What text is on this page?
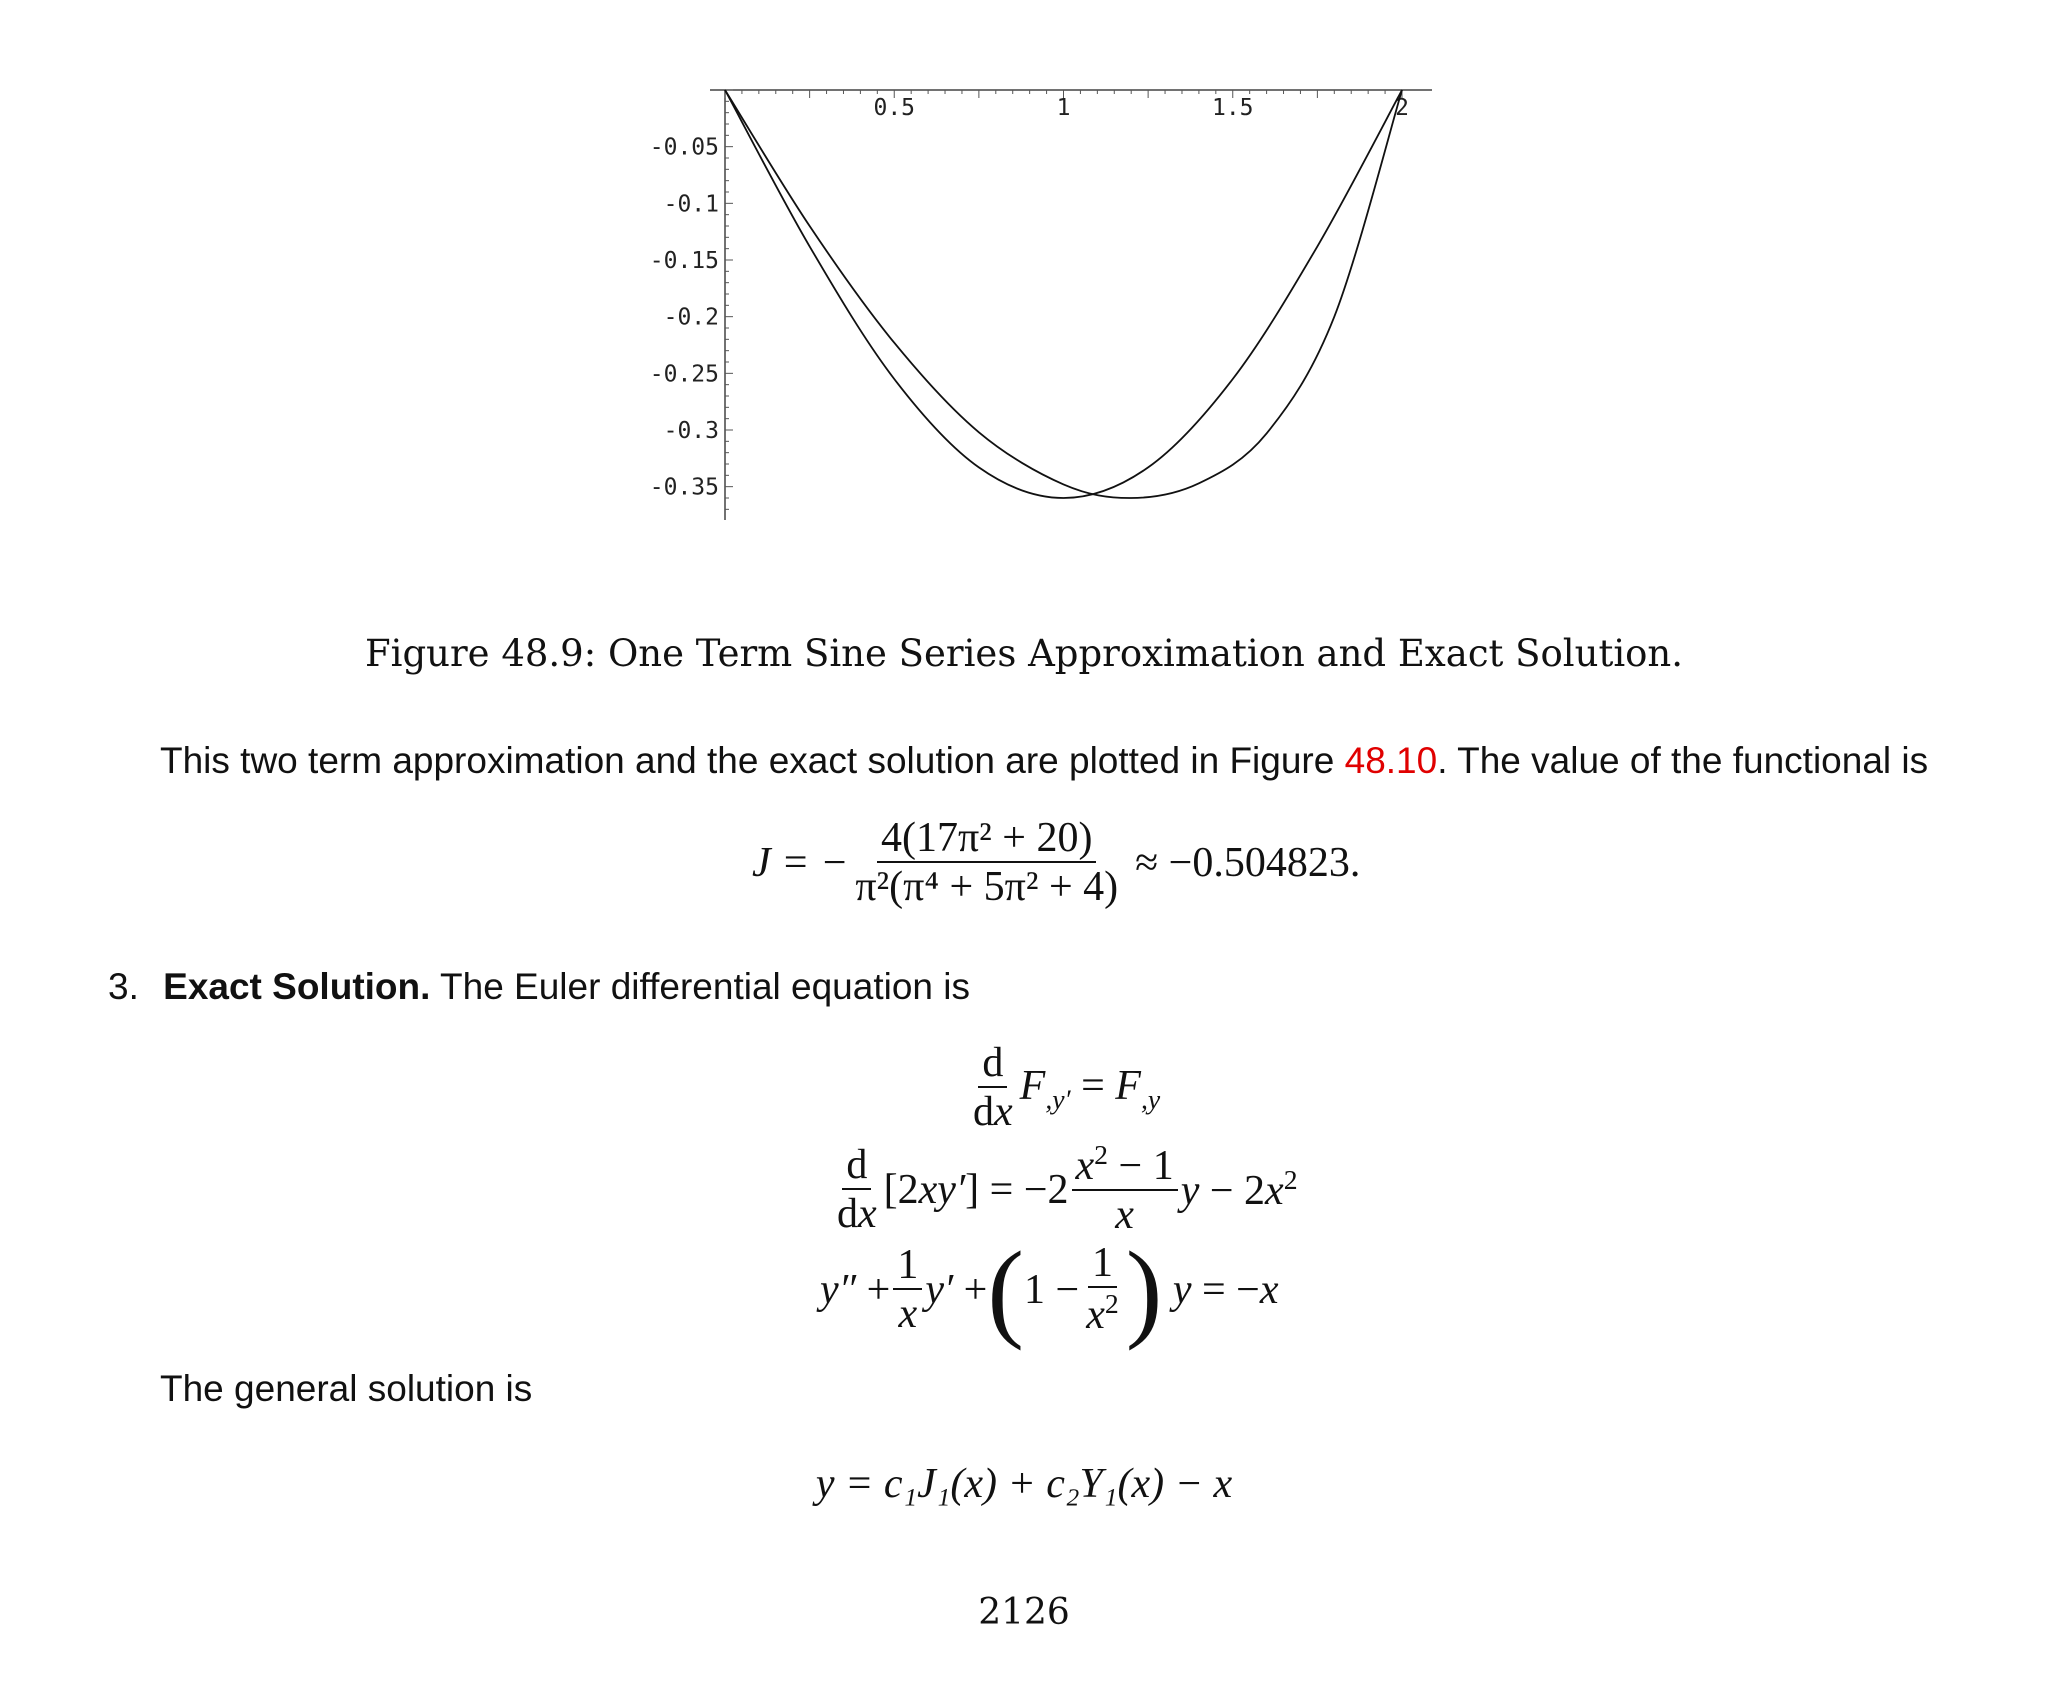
0.5	1	1.5	2
-0.05
-0.1
-0.15
-0.2
-0.25
-0.3
-0.35
Figure 48.9: One Term Sine Series Approximation and Exact Solution.
This two term approximation and the exact solution are plotted in Figure 48.10. The value of the functional is
J = − $\frac{\text{4(17π² + 20)}}{\text{π²(π⁴ + 5π² + 4)}} \approx -0.504823$.
3. Exact Solution. The Euler differential equation is
$\frac{d}{dx} F_{,y'} = F_{,y}$
$\frac{d}{dx} [2xy'] = -2 \frac{x^2 - 1}{x}$ $y - 2x^2$
$y'' + \frac{1}{x} y'$ + ( $1 - \frac{1}{x^2}$ ) y = −x
The general solution is
y = c₁J₁(x) + c₂Y₁(x) − x
2126
